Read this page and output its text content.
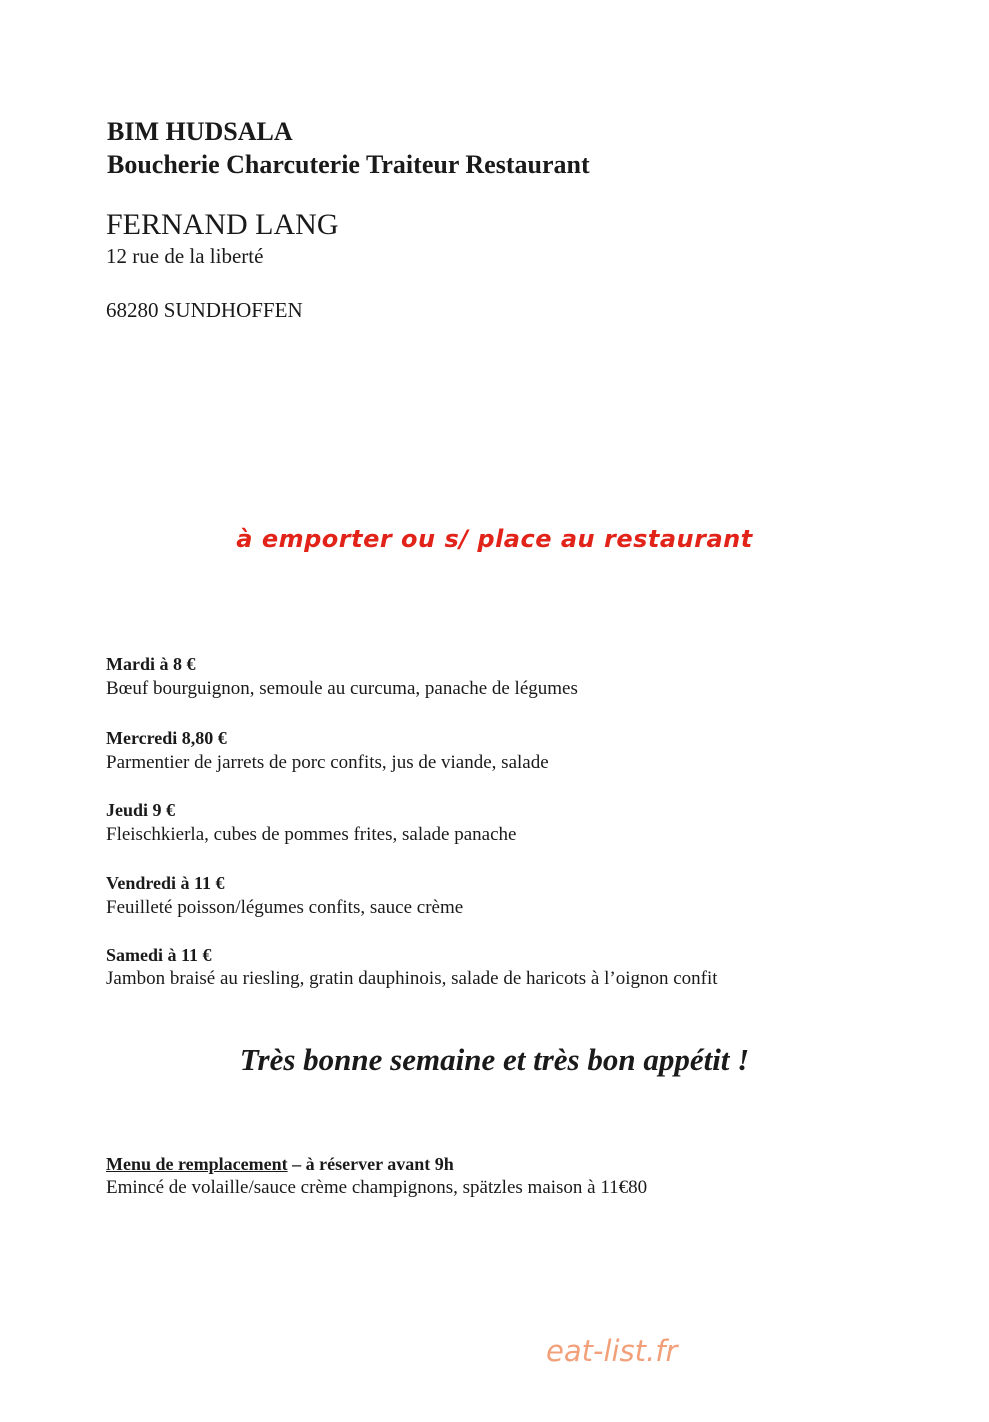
BIM HUDSALA
Boucherie Charcuterie Traiteur Restaurant
FERNAND LANG
12 rue de la liberté
68280 SUNDHOFFEN
à emporter ou s/ place au restaurant
Mardi à 8 €
Bœuf bourguignon, semoule au curcuma, panache de légumes
Mercredi 8,80 €
Parmentier de jarrets de porc confits, jus de viande, salade
Jeudi 9 €
Fleischkierla, cubes de pommes frites, salade panache
Vendredi à 11 €
Feuilleté poisson/légumes confits, sauce crème
Samedi à 11 €
Jambon braisé au riesling, gratin dauphinois, salade de haricots à l’oignon confit
Très bonne semaine et très bon appétit !
Menu de remplacement – à réserver avant 9h
Emincé de volaille/sauce crème champignons, spätzles maison à 11€80
eat-list.fr
